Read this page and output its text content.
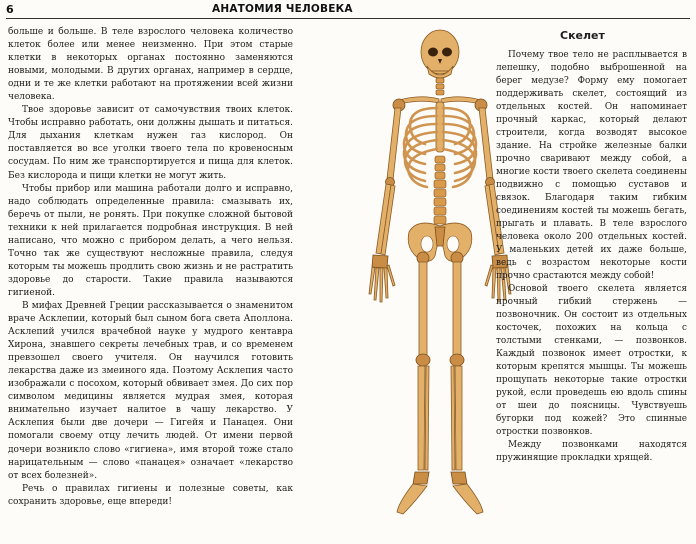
6	АНАТОМИЯ ЧЕЛОВЕКА

больше и больше. В теле взрослого человека количество клеток более или менее неизменно. При этом старые клетки в некоторых органах постоянно заменяются новыми, молодыми. В других органах, например в сердце, одни и те же клетки работают на протяжении всей жизни человека.

Твое здоровье зависит от самочувствия твоих клеток. Чтобы исправно работать, они должны дышать и питаться. Для дыхания клеткам нужен газ кислород. Он поставляется во все уголки твоего тела по кровеносным сосудам. По ним же транспортируется и пища для клеток. Без кислорода и пищи клетки не могут жить.

Чтобы прибор или машина работали долго и исправно, надо соблюдать определенные правила: смазывать их, беречь от пыли, не ронять. При покупке сложной бытовой техники к ней прилагается подробная инструкция. В ней написано, что можно с прибором делать, а чего нельзя. Точно так же существуют несложные правила, следуя которым ты можешь продлить свою жизнь и не растратить здоровье до старости. Такие правила называются гигиеной.

В мифах Древней Греции рассказывается о знаменитом враче Асклепии, который был сыном бога света Аполлона. Асклепий учился врачебной науке у мудрого кентавра Хирона, знавшего секреты лечебных трав, и со временем превзошел своего учителя. Он научился готовить лекарства даже из змеиного яда. Поэтому Асклепия часто изображали с посохом, который обвивает змея. До сих пор символом медицины является мудрая змея, которая внимательно изучает налитое в чашу лекарство. У Асклепия были две дочери — Гигейя и Панацея. Они помогали своему отцу лечить людей. От имени первой дочери возникло слово «гигиена», имя второй тоже стало нарицательным — слово «панацея» означает «лекарство от всех болезней».

Речь о правилах гигиены и полезные советы, как сохранить здоровье, еще впереди!

Скелет

Почему твое тело не расплывается в лепешку, подобно выброшенной на берег медузе? Форму ему помогает поддерживать скелет, состоящий из отдельных костей. Он напоминает прочный каркас, который делают строители, когда возводят высокое здание. На стройке железные балки прочно сваривают между собой, а многие кости твоего скелета соединены подвижно с помощью суставов и связок. Благодаря таким гибким соединениям костей ты можешь бегать, прыгать и плавать. В теле взрослого человека около 200 отдельных костей. У маленьких детей их даже больше, ведь с возрастом некоторые кости прочно срастаются между собой!

Основой твоего скелета является прочный гибкий стержень — позвоночник. Он состоит из отдельных косточек, похожих на кольца с толстыми стенками, — позвонков. Каждый позвонок имеет отростки, к которым крепятся мышцы. Ты можешь прощупать некоторые такие отростки рукой, если проведешь ею вдоль спины от шеи до поясницы. Чувствуешь бугорки под кожей? Это спинные отростки позвонков.

Между позвонками находятся пружинящие прокладки хрящей.
